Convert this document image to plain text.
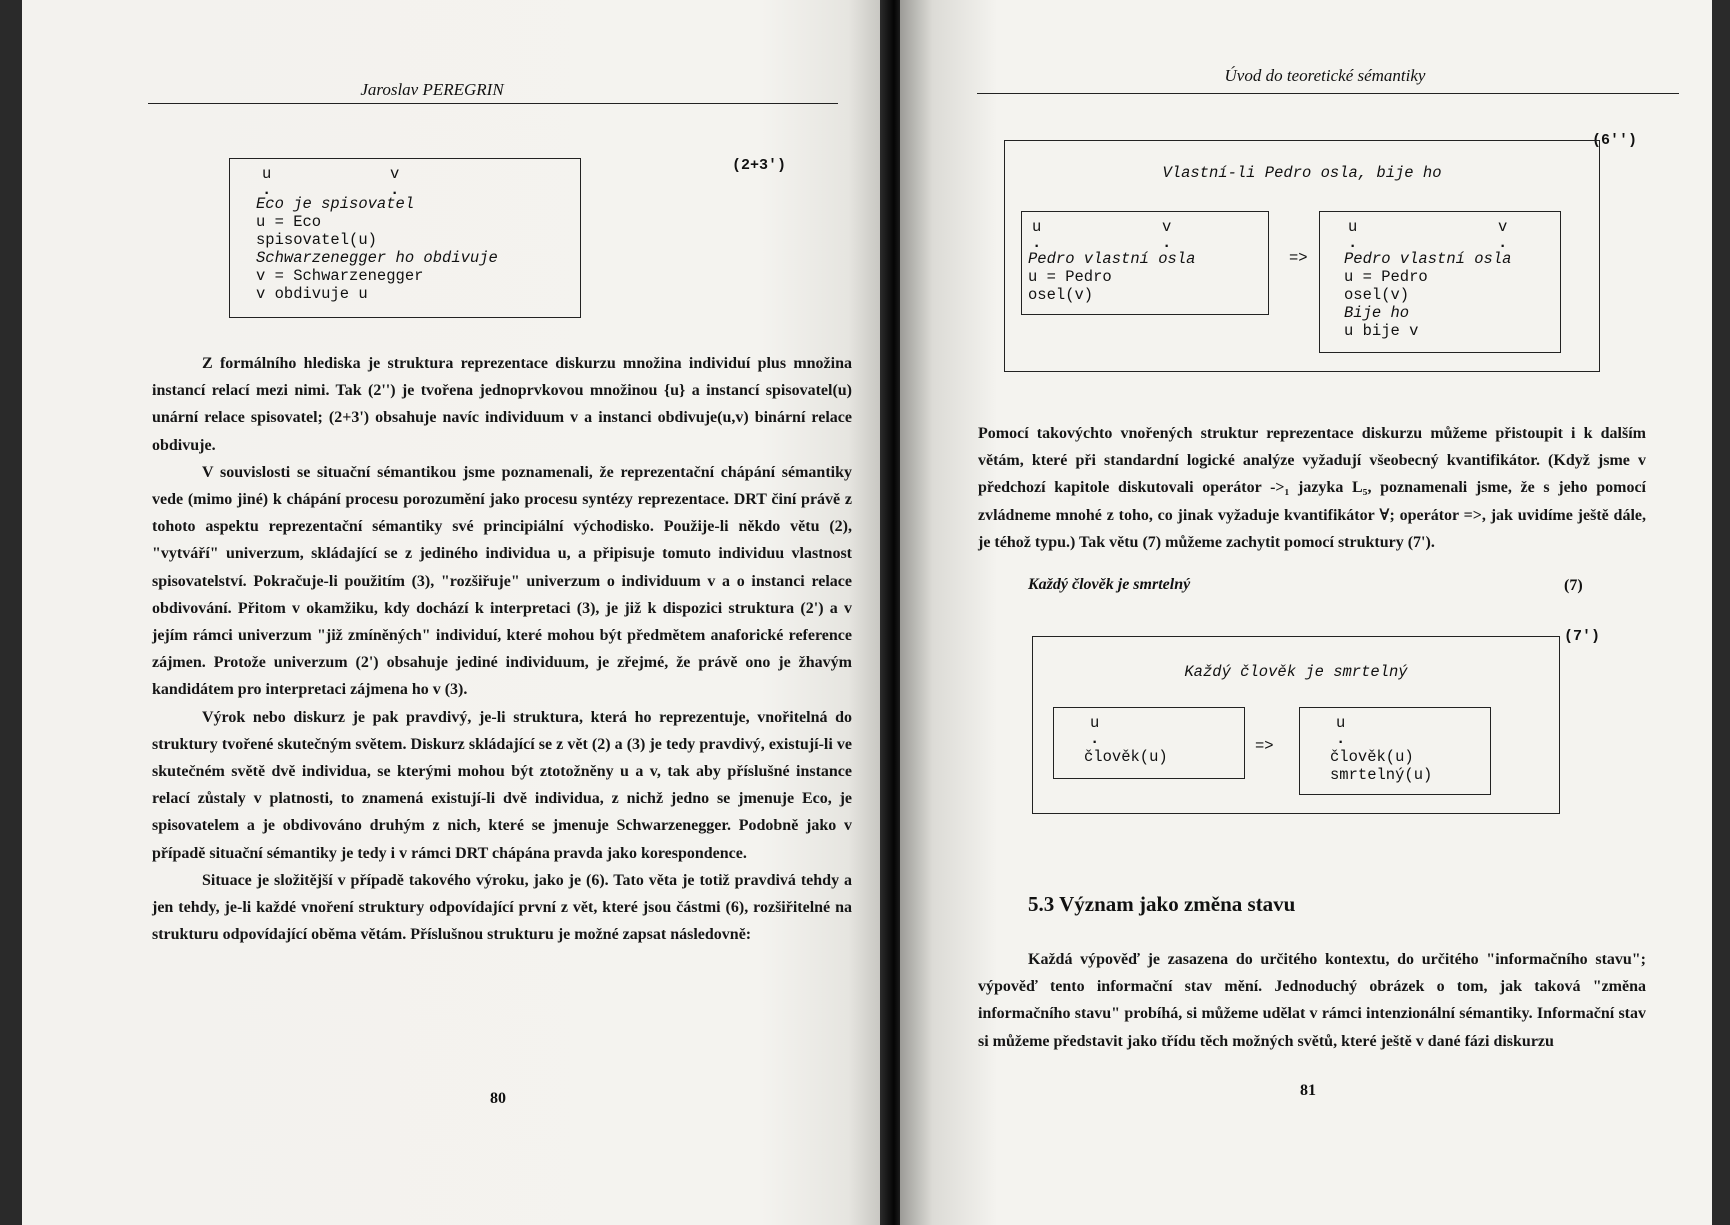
Jaroslav PEREGRIN
u	v
.	.
Eco je spisovatel
u = Eco
spisovatel(u)
Schwarzenegger ho obdivuje
v = Schwarzenegger
v obdivuje u
(2+3')

Z formálního hlediska je struktura reprezentace diskurzu množina individuí plus množina instancí relací mezi nimi. Tak (2'') je tvořena jednoprvkovou množinou {u} a instancí spisovatel(u) unární relace spisovatel; (2+3') obsahuje navíc individuum v a instanci obdivuje(u,v) binární relace obdivuje.

V souvislosti se situační sémantikou jsme poznamenali, že reprezentační chápání sémantiky vede (mimo jiné) k chápání procesu porozumění jako procesu syntézy reprezentace. DRT činí právě z tohoto aspektu reprezentační sémantiky své principiální východisko. Použije-li někdo větu (2), "vytváří" univerzum, skládající se z jediného individua u, a připisuje tomuto individuu vlastnost spisovatelství. Pokračuje-li použitím (3), "rozšiřuje" univerzum o individuum v a o instanci relace obdivování. Přitom v okamžiku, kdy dochází k interpretaci (3), je již k dispozici struktura (2') a v jejím rámci univerzum "již zmíněných" individuí, které mohou být předmětem anaforické reference zájmen. Protože univerzum (2') obsahuje jediné individuum, je zřejmé, že právě ono je žhavým kandidátem pro interpretaci zájmena ho v (3).

Výrok nebo diskurz je pak pravdivý, je-li struktura, která ho reprezentuje, vnořitelná do struktury tvořené skutečným světem. Diskurz skládající se z vět (2) a (3) je tedy pravdivý, existují-li ve skutečném světě dvě individua, se kterými mohou být ztotožněny u a v, tak aby příslušné instance relací zůstaly v platnosti, to znamená existují-li dvě individua, z nichž jedno se jmenuje Eco, je spisovatelem a je obdivováno druhým z nich, které se jmenuje Schwarzenegger. Podobně jako v případě situační sémantiky je tedy i v rámci DRT chápána pravda jako korespondence.

Situace je složitější v případě takového výroku, jako je (6). Tato věta je totiž pravdivá tehdy a jen tehdy, je-li každé vnoření struktury odpovídající první z vět, které jsou částmi (6), rozšiřitelné na strukturu odpovídající oběma větám. Příslušnou strukturu je možné zapsat následovně:

80
Úvod do teoretické sémantiky
(6'')
Vlastní-li Pedro osla, bije ho
u	v
.	.
Pedro vlastní osla
u = Pedro
osel(v)
=>
u	v
.	.
Pedro vlastní osla
u = Pedro
osel(v)
Bije ho
u bije v

Pomocí takovýchto vnořených struktur reprezentace diskurzu můžeme přistoupit i k dalším větám, které při standardní logické analýze vyžadují všeobecný kvantifikátor. (Když jsme v předchozí kapitole diskutovali operátor ->₁ jazyka L₅, poznamenali jsme, že s jeho pomocí zvládneme mnohé z toho, co jinak vyžaduje kvantifikátor ∀; operátor =>, jak uvidíme ještě dále, je téhož typu.) Tak větu (7) můžeme zachytit pomocí struktury (7').

Každý člověk je smrtelný	(7)
(7')
Každý člověk je smrtelný
u
.
člověk(u)
=>
u
.
člověk(u)
smrtelný(u)
5.3 Význam jako změna stavu

Každá výpověď je zasazena do určitého kontextu, do určitého "informačního stavu"; výpověď tento informační stav mění. Jednoduchý obrázek o tom, jak taková "změna informačního stavu" probíhá, si můžeme udělat v rámci intenzionální sémantiky. Informační stav si můžeme představit jako třídu těch možných světů, které ještě v dané fázi diskurzu

81
